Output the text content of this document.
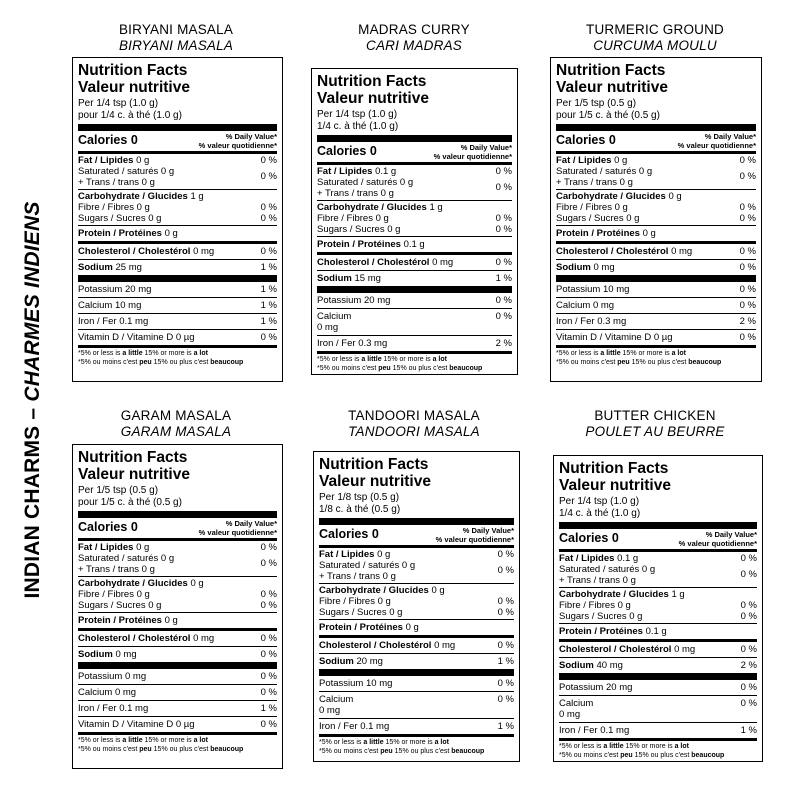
INDIAN CHARMS – CHARMES INDIENS
BIRYANI MASALA
BIRYANI MASALA
Nutrition Facts
Valeur nutritive
Per 1/4 tsp (1.0 g)
pour 1/4 c. à thé (1.0 g)
Calories 0	% Daily Value*
% valeur quotidienne*
Fat / Lipides 0 g	0 %
Saturated / saturés 0 g
+ Trans / trans 0 g
0 %
Carbohydrate / Glucides 1 g
Fibre / Fibres 0 g	0 %
Sugars / Sucres 0 g	0 %
Protein / Protéines 0 g
Cholesterol / Cholestérol 0 mg	0 %
Sodium 25 mg	1 %
Potassium 20 mg	1 %
Calcium 10 mg	1 %
Iron / Fer 0.1 mg	1 %
Vitamin D / Vitamine D 0 µg	0 %
*5% or less is a little 15% or more is a lot
*5% ou moins c'est peu 15% ou plus c'est beaucoup
MADRAS CURRY
CARI MADRAS
Nutrition Facts
Valeur nutritive
Per 1/4 tsp (1.0 g)
1/4 c. à thé (1.0 g)
Calories 0	% Daily Value*
% valeur quotidienne*
Fat / Lipides 0.1 g	0 %
Saturated / saturés 0 g
+ Trans / trans 0 g
0 %
Carbohydrate / Glucides 1 g
Fibre / Fibres 0 g	0 %
Sugars / Sucres 0 g	0 %
Protein / Protéines 0.1 g
Cholesterol / Cholestérol 0 mg	0 %
Sodium 15 mg	1 %
Potassium 20 mg	0 %
Calcium
0 mg
0 %
Iron / Fer 0.3 mg	2 %
*5% or less is a little 15% or more is a lot
*5% ou moins c'est peu 15% ou plus c'est beaucoup
TURMERIC GROUND
CURCUMA MOULU
Nutrition Facts
Valeur nutritive
Per 1/5 tsp (0.5 g)
pour 1/5 c. à thé (0.5 g)
Calories 0	% Daily Value*
% valeur quotidienne*
Fat / Lipides 0 g	0 %
Saturated / saturés 0 g
+ Trans / trans 0 g
0 %
Carbohydrate / Glucides 0 g
Fibre / Fibres 0 g	0 %
Sugars / Sucres 0 g	0 %
Protein / Protéines 0 g
Cholesterol / Cholestérol 0 mg	0 %
Sodium 0 mg	0 %
Potassium 10 mg	0 %
Calcium 0 mg	0 %
Iron / Fer 0.3 mg	2 %
Vitamin D / Vitamine D 0 µg	0 %
*5% or less is a little 15% or more is a lot
*5% ou moins c'est peu 15% ou plus c'est beaucoup
GARAM MASALA
GARAM MASALA
Nutrition Facts
Valeur nutritive
Per 1/5 tsp (0.5 g)
pour 1/5 c. à thé (0.5 g)
Calories 0	% Daily Value*
% valeur quotidienne*
Fat / Lipides 0 g	0 %
Saturated / saturés 0 g
+ Trans / trans 0 g
0 %
Carbohydrate / Glucides 0 g
Fibre / Fibres 0 g	0 %
Sugars / Sucres 0 g	0 %
Protein / Protéines 0 g
Cholesterol / Cholestérol 0 mg	0 %
Sodium 0 mg	0 %
Potassium 0 mg	0 %
Calcium 0 mg	0 %
Iron / Fer 0.1 mg	1 %
Vitamin D / Vitamine D 0 µg	0 %
*5% or less is a little 15% or more is a lot
*5% ou moins c'est peu 15% ou plus c'est beaucoup
TANDOORI MASALA
TANDOORI MASALA
Nutrition Facts
Valeur nutritive
Per 1/8 tsp (0.5 g)
1/8 c. à thé (0.5 g)
Calories 0	% Daily Value*
% valeur quotidienne*
Fat / Lipides 0 g	0 %
Saturated / saturés 0 g
+ Trans / trans 0 g
0 %
Carbohydrate / Glucides 0 g
Fibre / Fibres 0 g	0 %
Sugars / Sucres 0 g	0 %
Protein / Protéines 0 g
Cholesterol / Cholestérol 0 mg	0 %
Sodium 20 mg	1 %
Potassium 10 mg	0 %
Calcium
0 mg
0 %
Iron / Fer 0.1 mg	1 %
*5% or less is a little 15% or more is a lot
*5% ou moins c'est peu 15% ou plus c'est beaucoup
BUTTER CHICKEN
POULET AU BEURRE
Nutrition Facts
Valeur nutritive
Per 1/4 tsp (1.0 g)
1/4 c. à thé (1.0 g)
Calories 0	% Daily Value*
% valeur quotidienne*
Fat / Lipides 0.1 g	0 %
Saturated / saturés 0 g
+ Trans / trans 0 g
0 %
Carbohydrate / Glucides 1 g
Fibre / Fibres 0 g	0 %
Sugars / Sucres 0 g	0 %
Protein / Protéines 0.1 g
Cholesterol / Cholestérol 0 mg	0 %
Sodium 40 mg	2 %
Potassium 20 mg	0 %
Calcium
0 mg
0 %
Iron / Fer 0.1 mg	1 %
*5% or less is a little 15% or more is a lot
*5% ou moins c'est peu 15% ou plus c'est beaucoup
